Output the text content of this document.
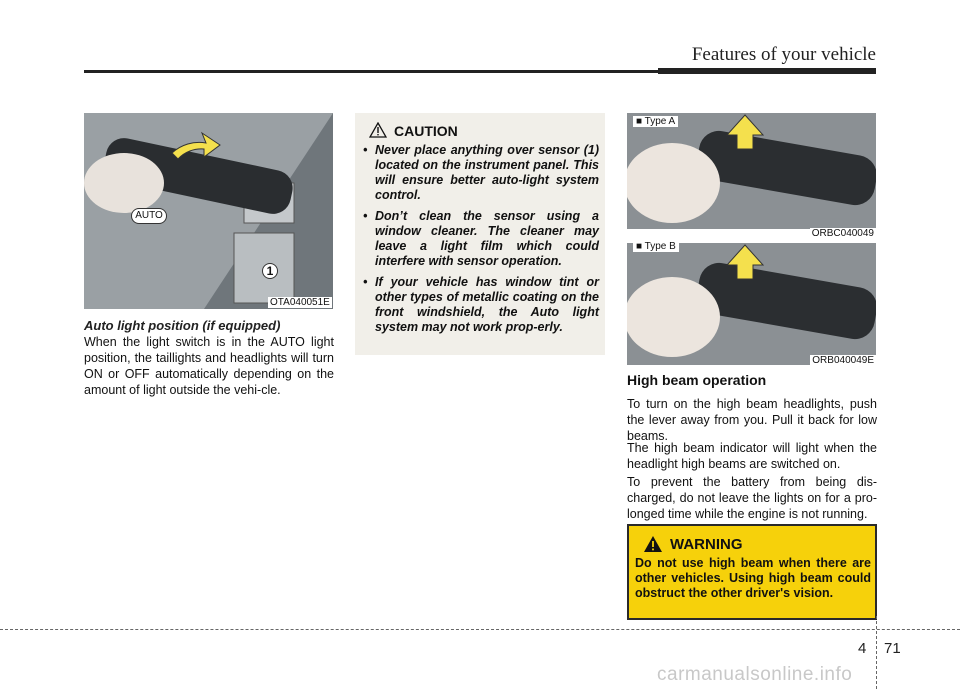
Features of your vehicle
AUTO
1
OTA040051E
Auto light position (if equipped)
When the light switch is in the AUTO light position, the taillights and headlights will turn ON or OFF automatically depending on the amount of light outside the vehi-cle.
CAUTION
• Never place anything over sensor (1) located on the instrument panel. This will ensure better auto-light system control.
• Don’t clean the sensor using a window cleaner. The cleaner may leave a light film which could interfere with sensor operation.
• If your vehicle has window tint or other types of metallic coating on the front windshield, the Auto light system may not work prop-erly.
■ Type A
ORBC040049
■ Type B
ORB040049E
High beam operation
To turn on the high beam headlights, push the lever away from you. Pull it back for low beams.
The high beam indicator will light when the headlight high beams are switched on.
To prevent the battery from being dis-charged, do not leave the lights on for a pro-longed time while the engine is not running.
WARNING
Do not use high beam when there are other vehicles. Using high beam could obstruct the other driver's vision.
4 71
carmanualsonline.info
